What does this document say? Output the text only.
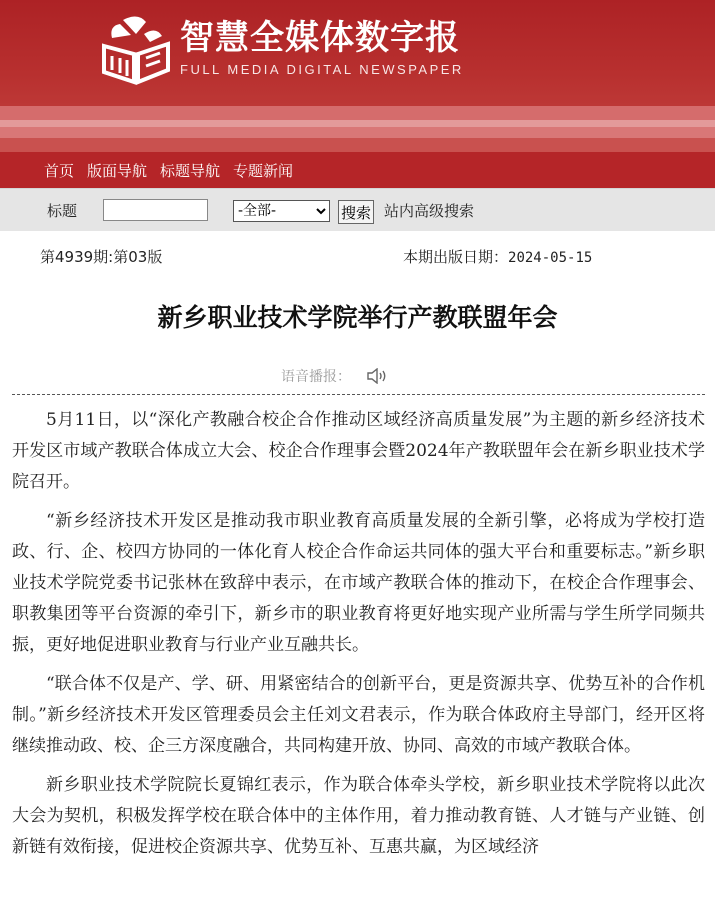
智慧全媒体数字报
FULL MEDIA DIGITAL NEWSPAPER
首页 版面导航 标题导航 专题新闻
标题
-全部-	搜索 站内高级搜索
第4939期:第03版	本期出版日期：2024-05-15
新乡职业技术学院举行产教联盟年会
语音播报：

5月11日，以“深化产教融合校企合作推动区域经济高质量发展”为主题的新乡经济技术开发区市域产教联合体成立大会、校企合作理事会暨2024年产教联盟年会在新乡职业技术学院召开。

“新乡经济技术开发区是推动我市职业教育高质量发展的全新引擎，必将成为学校打造政、行、企、校四方协同的一体化育人校企合作命运共同体的强大平台和重要标志。”新乡职业技术学院党委书记张林在致辞中表示，在市域产教联合体的推动下，在校企合作理事会、职教集团等平台资源的牵引下，新乡市的职业教育将更好地实现产业所需与学生所学同频共振，更好地促进职业教育与行业产业互融共长。

“联合体不仅是产、学、研、用紧密结合的创新平台，更是资源共享、优势互补的合作机制。”新乡经济技术开发区管理委员会主任刘文君表示，作为联合体政府主导部门，经开区将继续推动政、校、企三方深度融合，共同构建开放、协同、高效的市域产教联合体。

新乡职业技术学院院长夏锦红表示，作为联合体牵头学校，新乡职业技术学院将以此次大会为契机，积极发挥学校在联合体中的主体作用，着力推动教育链、人才链与产业链、创新链有效衔接，促进校企资源共享、优势互补、互惠共赢，为区域经济
